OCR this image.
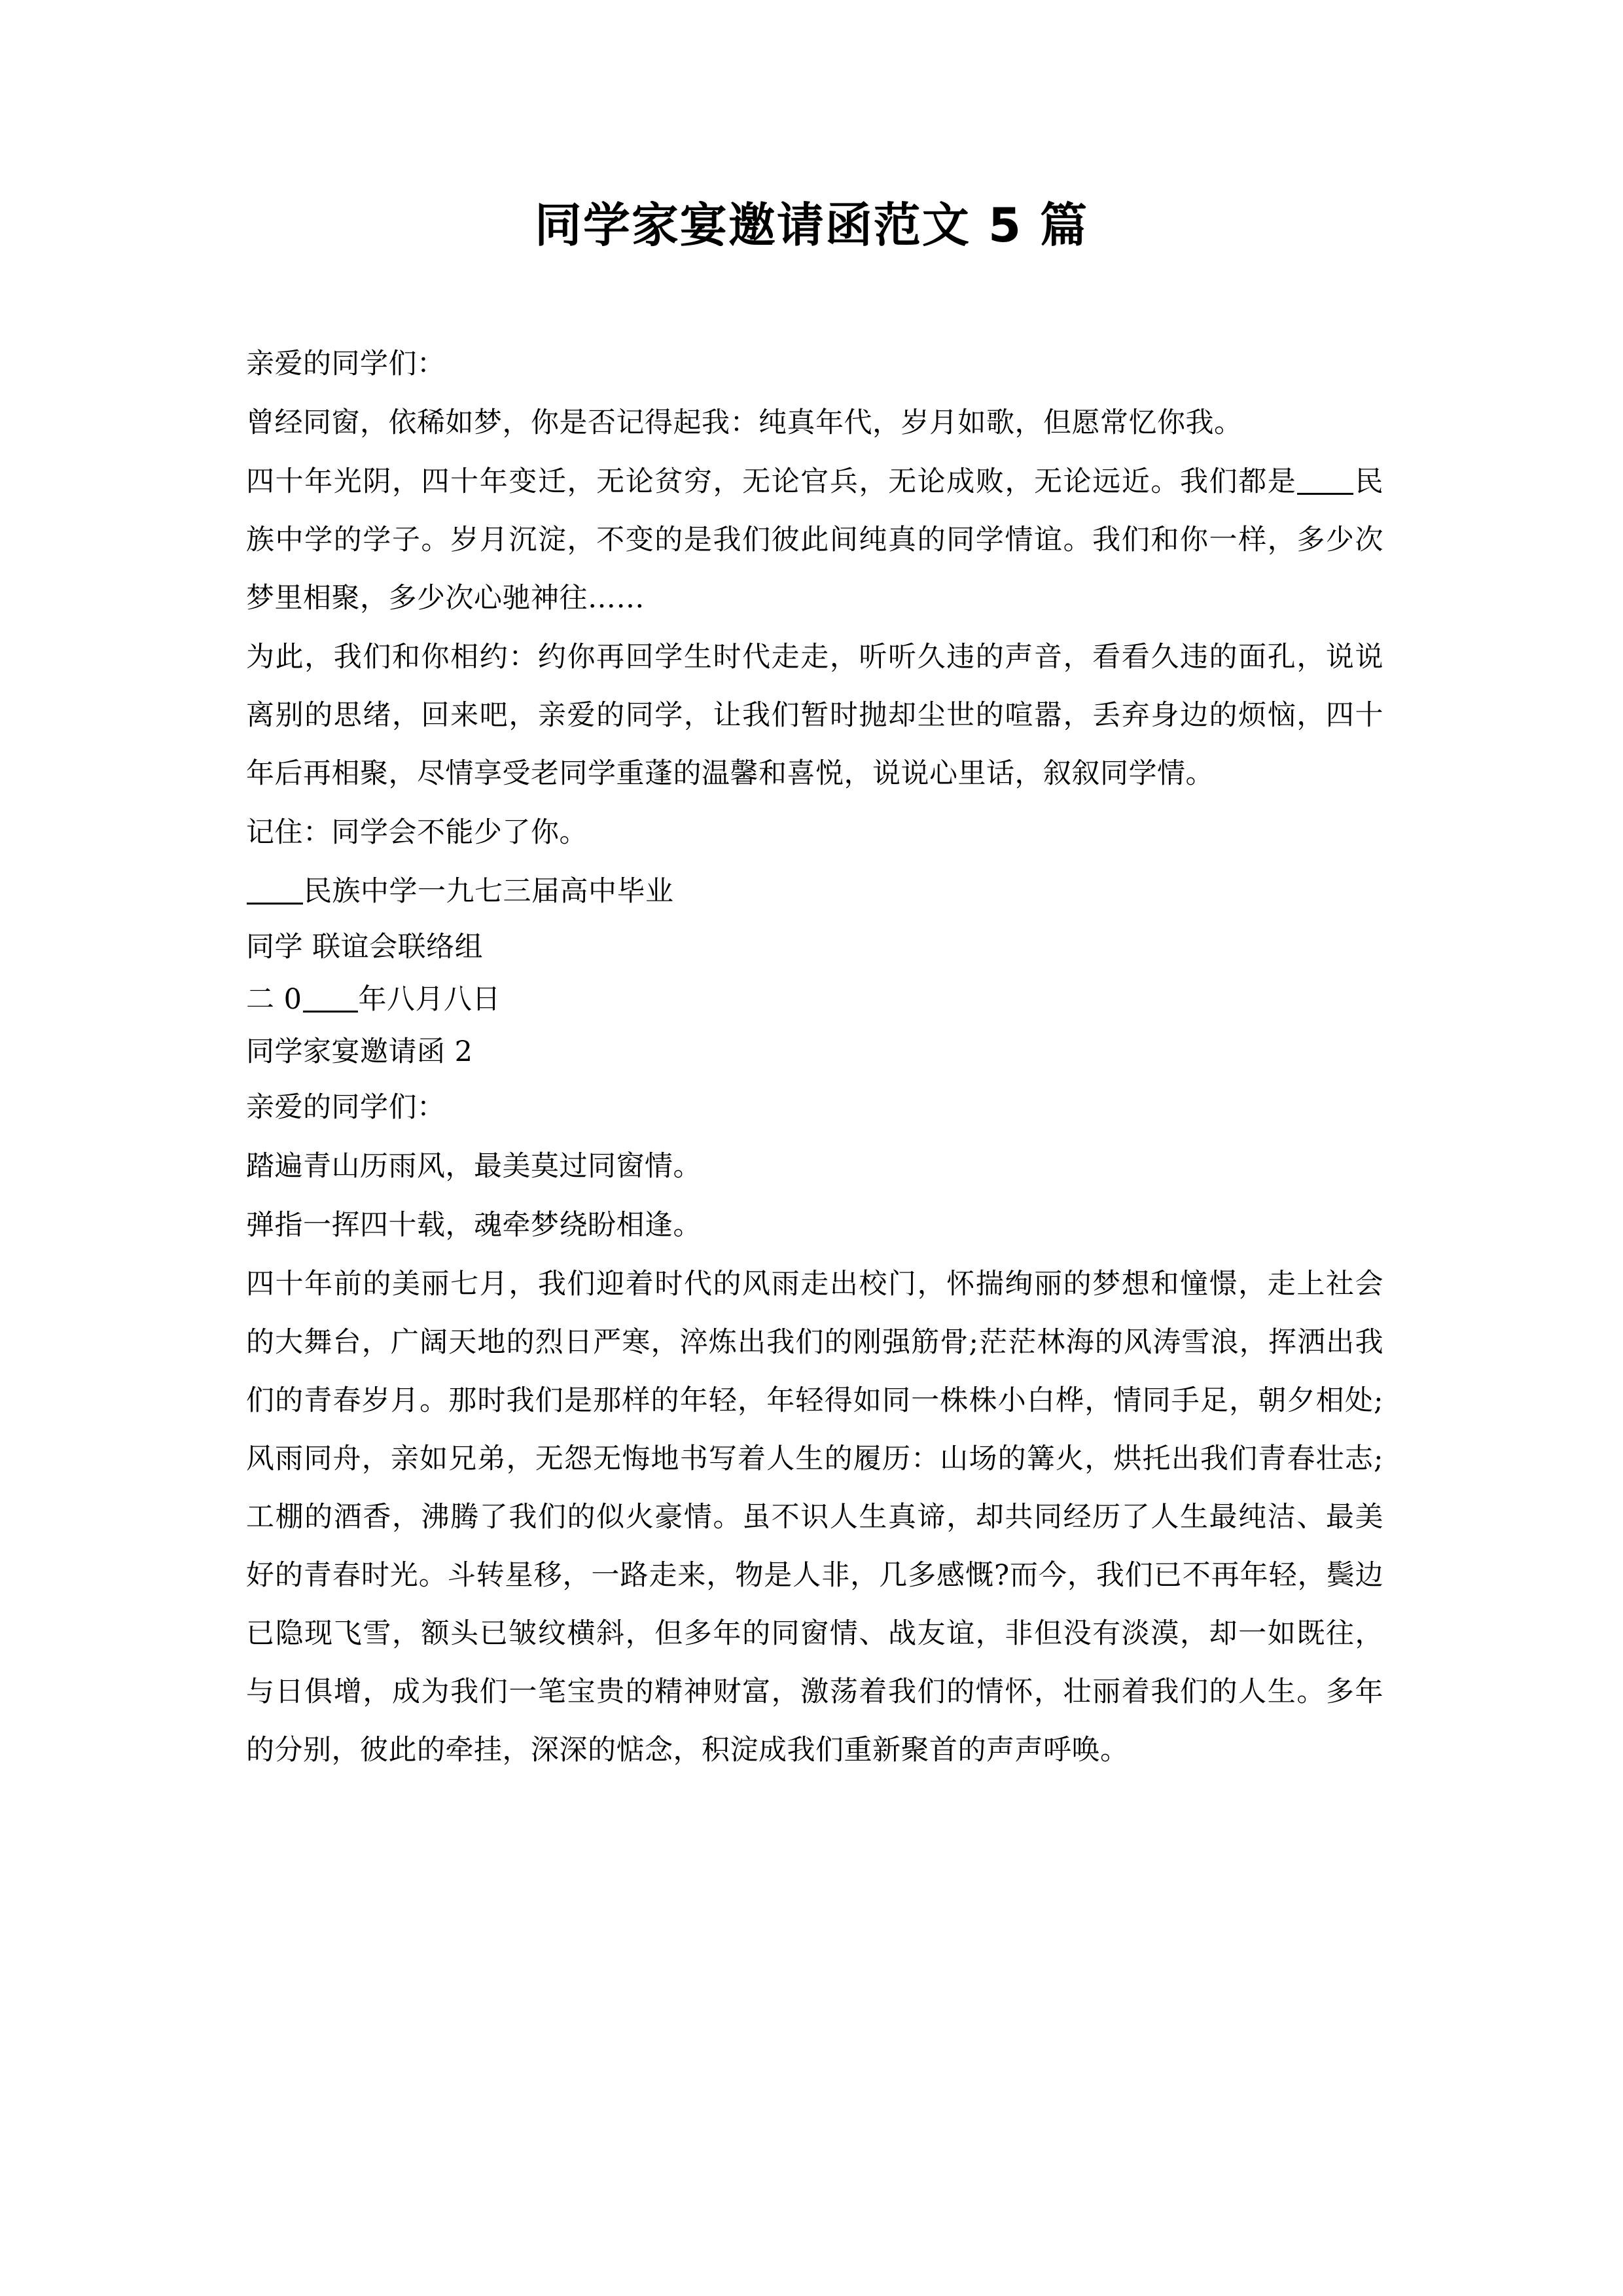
同学家宴邀请函范文 5 篇

亲爱的同学们：

曾经同窗，依稀如梦，你是否记得起我：纯真年代，岁月如歌，但愿常忆你我。

四十年光阴，四十年变迁，无论贫穷，无论官兵，无论成败，无论远近。我们都是 民族中学的学子。岁月沉淀，不变的是我们彼此间纯真的同学情谊。我们和你一样，多少次梦里相聚，多少次心驰神往……

为此，我们和你相约：约你再回学生时代走走，听听久违的声音，看看久违的面孔，说说离别的思绪，回来吧，亲爱的同学，让我们暂时抛却尘世的喧嚣，丢弃身边的烦恼，四十年后再相聚，尽情享受老同学重蓬的温馨和喜悦，说说心里话，叙叙同学情。

记住：同学会不能少了你。

民族中学一九七三届高中毕业

同学 联谊会联络组

二 0 年八月八日

同学家宴邀请函 2

亲爱的同学们：

踏遍青山历雨风，最美莫过同窗情。

弹指一挥四十载，魂牵梦绕盼相逢。

四十年前的美丽七月，我们迎着时代的风雨走出校门，怀揣绚丽的梦想和憧憬，走上社会的大舞台，广阔天地的烈日严寒，淬炼出我们的刚强筋骨;茫茫林海的风涛雪浪，挥洒出我们的青春岁月。那时我们是那样的年轻，年轻得如同一株株小白桦，情同手足，朝夕相处;风雨同舟，亲如兄弟，无怨无悔地书写着人生的履历：山场的篝火，烘托出我们青春壮志;工棚的酒香，沸腾了我们的似火豪情。虽不识人生真谛，却共同经历了人生最纯洁、最美好的青春时光。斗转星移，一路走来，物是人非，几多感慨?而今，我们已不再年轻，鬓边已隐现飞雪，额头已皱纹横斜，但多年的同窗情、战友谊，非但没有淡漠，却一如既往，与日俱增，成为我们一笔宝贵的精神财富，激荡着我们的情怀，壮丽着我们的人生。多年的分别，彼此的牵挂，深深的惦念，积淀成我们重新聚首的声声呼唤。
